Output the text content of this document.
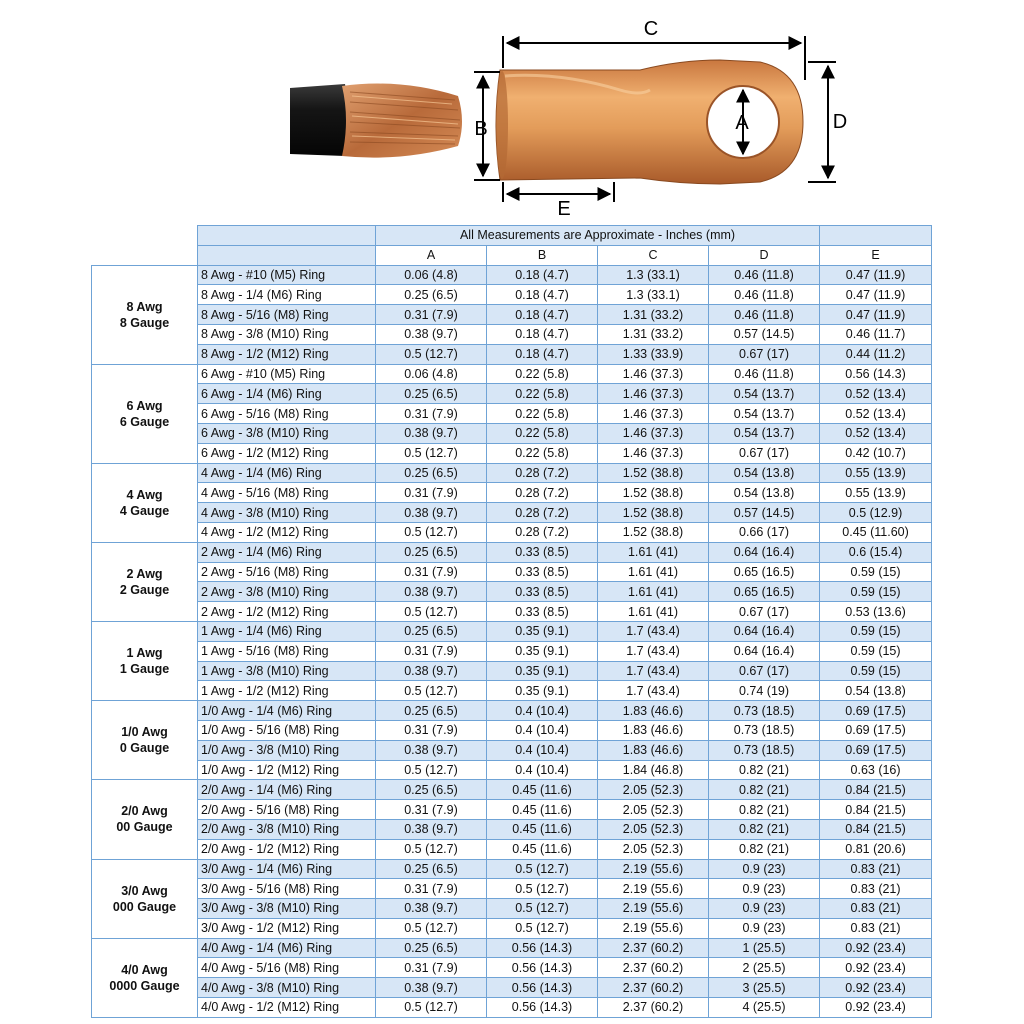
C
B	D
A
E
		All Measurements are Approximate - Inches (mm)				
		A	B	C	D	E

8 Awg
8 Gauge	8 Awg - #10 (M5) Ring	0.06 (4.8)	0.18 (4.7)	1.3 (33.1)	0.46 (11.8)	0.47 (11.9)
	8 Awg - 1/4 (M6) Ring	0.25 (6.5)	0.18 (4.7)	1.3 (33.1)	0.46 (11.8)	0.47 (11.9)
	8 Awg - 5/16 (M8) Ring	0.31 (7.9)	0.18 (4.7)	1.31 (33.2)	0.46 (11.8)	0.47 (11.9)
	8 Awg - 3/8 (M10) Ring	0.38 (9.7)	0.18 (4.7)	1.31 (33.2)	0.57 (14.5)	0.46 (11.7)
	8 Awg - 1/2 (M12) Ring	0.5 (12.7)	0.18 (4.7)	1.33 (33.9)	0.67 (17)	0.44 (11.2)

6 Awg
6 Gauge	6 Awg - #10 (M5) Ring	0.06 (4.8)	0.22 (5.8)	1.46 (37.3)	0.46 (11.8)	0.56 (14.3)
	6 Awg - 1/4 (M6) Ring	0.25 (6.5)	0.22 (5.8)	1.46 (37.3)	0.54 (13.7)	0.52 (13.4)
	6 Awg - 5/16 (M8) Ring	0.31 (7.9)	0.22 (5.8)	1.46 (37.3)	0.54 (13.7)	0.52 (13.4)
	6 Awg - 3/8 (M10) Ring	0.38 (9.7)	0.22 (5.8)	1.46 (37.3)	0.54 (13.7)	0.52 (13.4)
	6 Awg - 1/2 (M12) Ring	0.5 (12.7)	0.22 (5.8)	1.46 (37.3)	0.67 (17)	0.42 (10.7)

4 Awg
4 Gauge	4 Awg - 1/4 (M6) Ring	0.25 (6.5)	0.28 (7.2)	1.52 (38.8)	0.54 (13.8)	0.55 (13.9)
	4 Awg - 5/16 (M8) Ring	0.31 (7.9)	0.28 (7.2)	1.52 (38.8)	0.54 (13.8)	0.55 (13.9)
	4 Awg - 3/8 (M10) Ring	0.38 (9.7)	0.28 (7.2)	1.52 (38.8)	0.57 (14.5)	0.5 (12.9)
	4 Awg - 1/2 (M12) Ring	0.5 (12.7)	0.28 (7.2)	1.52 (38.8)	0.66 (17)	0.45 (11.60)

2 Awg
2 Gauge	2 Awg - 1/4 (M6) Ring	0.25 (6.5)	0.33 (8.5)	1.61 (41)	0.64 (16.4)	0.6 (15.4)
	2 Awg - 5/16 (M8) Ring	0.31 (7.9)	0.33 (8.5)	1.61 (41)	0.65 (16.5)	0.59 (15)
	2 Awg - 3/8 (M10) Ring	0.38 (9.7)	0.33 (8.5)	1.61 (41)	0.65 (16.5)	0.59 (15)
	2 Awg - 1/2 (M12) Ring	0.5 (12.7)	0.33 (8.5)	1.61 (41)	0.67 (17)	0.53 (13.6)

1 Awg
1 Gauge	1 Awg - 1/4 (M6) Ring	0.25 (6.5)	0.35 (9.1)	1.7 (43.4)	0.64 (16.4)	0.59 (15)
	1 Awg - 5/16 (M8) Ring	0.31 (7.9)	0.35 (9.1)	1.7 (43.4)	0.64 (16.4)	0.59 (15)
	1 Awg - 3/8 (M10) Ring	0.38 (9.7)	0.35 (9.1)	1.7 (43.4)	0.67 (17)	0.59 (15)
	1 Awg - 1/2 (M12) Ring	0.5 (12.7)	0.35 (9.1)	1.7 (43.4)	0.74 (19)	0.54 (13.8)

1/0 Awg
0 Gauge	1/0 Awg - 1/4 (M6) Ring	0.25 (6.5)	0.4 (10.4)	1.83 (46.6)	0.73 (18.5)	0.69 (17.5)
	1/0 Awg - 5/16 (M8) Ring	0.31 (7.9)	0.4 (10.4)	1.83 (46.6)	0.73 (18.5)	0.69 (17.5)
	1/0 Awg - 3/8 (M10) Ring	0.38 (9.7)	0.4 (10.4)	1.83 (46.6)	0.73 (18.5)	0.69 (17.5)
	1/0 Awg - 1/2 (M12) Ring	0.5 (12.7)	0.4 (10.4)	1.84 (46.8)	0.82 (21)	0.63 (16)

2/0 Awg
00 Gauge	2/0 Awg - 1/4 (M6) Ring	0.25 (6.5)	0.45 (11.6)	2.05 (52.3)	0.82 (21)	0.84 (21.5)
	2/0 Awg - 5/16 (M8) Ring	0.31 (7.9)	0.45 (11.6)	2.05 (52.3)	0.82 (21)	0.84 (21.5)
	2/0 Awg - 3/8 (M10) Ring	0.38 (9.7)	0.45 (11.6)	2.05 (52.3)	0.82 (21)	0.84 (21.5)
	2/0 Awg - 1/2 (M12) Ring	0.5 (12.7)	0.45 (11.6)	2.05 (52.3)	0.82 (21)	0.81 (20.6)

3/0 Awg
000 Gauge	3/0 Awg - 1/4 (M6) Ring	0.25 (6.5)	0.5 (12.7)	2.19 (55.6)	0.9 (23)	0.83 (21)
	3/0 Awg - 5/16 (M8) Ring	0.31 (7.9)	0.5 (12.7)	2.19 (55.6)	0.9 (23)	0.83 (21)
	3/0 Awg - 3/8 (M10) Ring	0.38 (9.7)	0.5 (12.7)	2.19 (55.6)	0.9 (23)	0.83 (21)
	3/0 Awg - 1/2 (M12) Ring	0.5 (12.7)	0.5 (12.7)	2.19 (55.6)	0.9 (23)	0.83 (21)

4/0 Awg
0000 Gauge	4/0 Awg - 1/4 (M6) Ring	0.25 (6.5)	0.56 (14.3)	2.37 (60.2)	1 (25.5)	0.92 (23.4)
	4/0 Awg - 5/16 (M8) Ring	0.31 (7.9)	0.56 (14.3)	2.37 (60.2)	2 (25.5)	0.92 (23.4)
	4/0 Awg - 3/8 (M10) Ring	0.38 (9.7)	0.56 (14.3)	2.37 (60.2)	3 (25.5)	0.92 (23.4)
	4/0 Awg - 1/2 (M12) Ring	0.5 (12.7)	0.56 (14.3)	2.37 (60.2)	4 (25.5)	0.92 (23.4)
